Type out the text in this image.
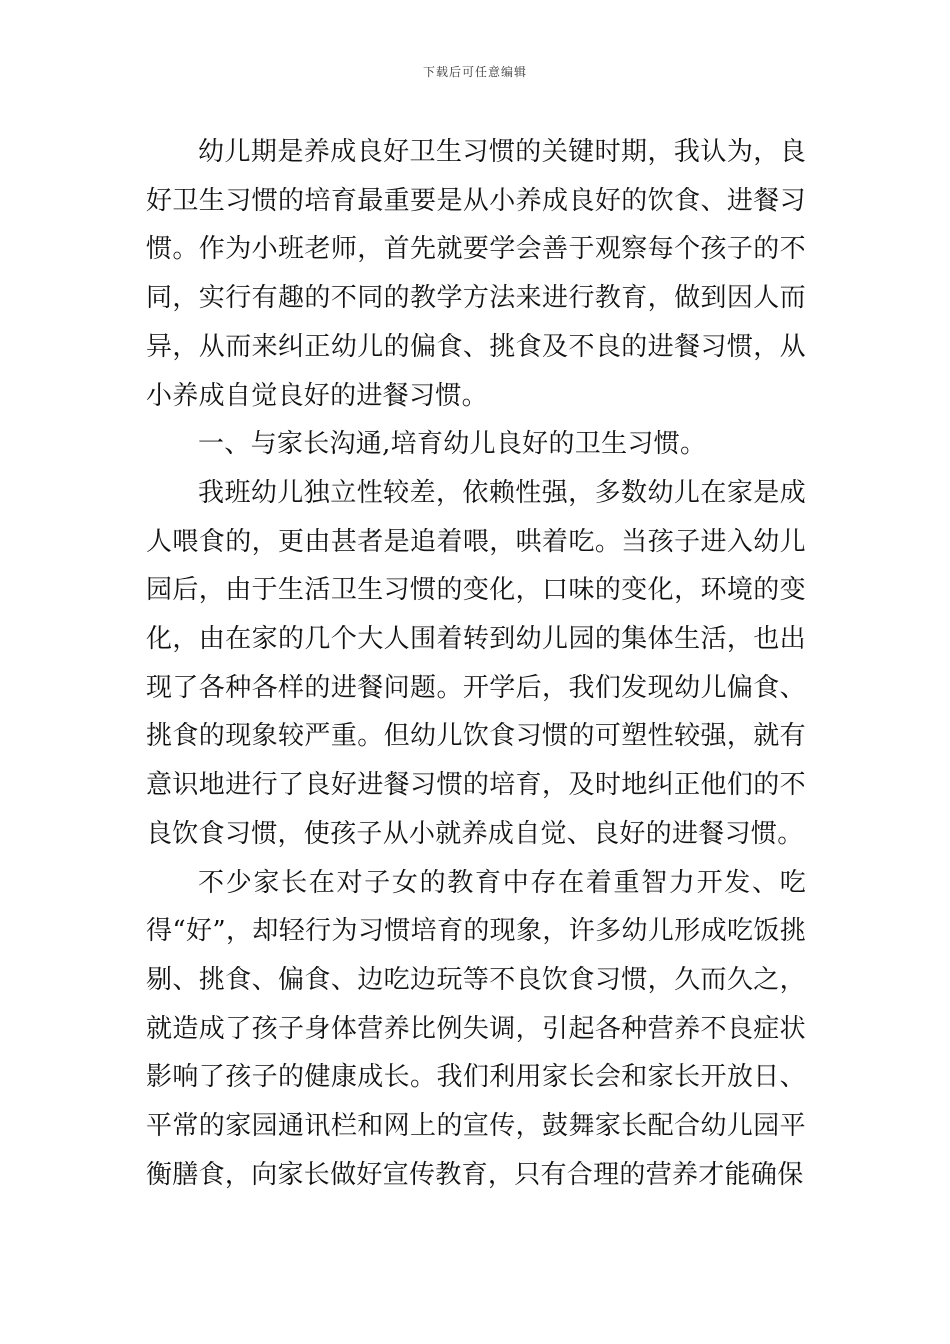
下载后可任意编辑

幼儿期是养成良好卫生习惯的关键时期，我认为，良好卫生习惯的培育最重要是从小养成良好的饮食、进餐习惯。作为小班老师，首先就要学会善于观察每个孩子的不同，实行有趣的不同的教学方法来进行教育，做到因人而异，从而来纠正幼儿的偏食、挑食及不良的进餐习惯，从小养成自觉良好的进餐习惯。

一、与家长沟通,培育幼儿良好的卫生习惯。

我班幼儿独立性较差，依赖性强，多数幼儿在家是成人喂食的，更由甚者是追着喂，哄着吃。当孩子进入幼儿园后，由于生活卫生习惯的变化，口味的变化，环境的变化，由在家的几个大人围着转到幼儿园的集体生活，也出现了各种各样的进餐问题。开学后，我们发现幼儿偏食、挑食的现象较严重。但幼儿饮食习惯的可塑性较强，就有意识地进行了良好进餐习惯的培育，及时地纠正他们的不良饮食习惯，使孩子从小就养成自觉、良好的进餐习惯。

不少家长在对子女的教育中存在着重智力开发、吃得“好”，却轻行为习惯培育的现象，许多幼儿形成吃饭挑剔、挑食、偏食、边吃边玩等不良饮食习惯，久而久之，就造成了孩子身体营养比例失调，引起各种营养不良症状影响了孩子的健康成长。我们利用家长会和家长开放日、平常的家园通讯栏和网上的宣传，鼓舞家长配合幼儿园平衡膳食，向家长做好宣传教育，只有合理的营养才能确保
